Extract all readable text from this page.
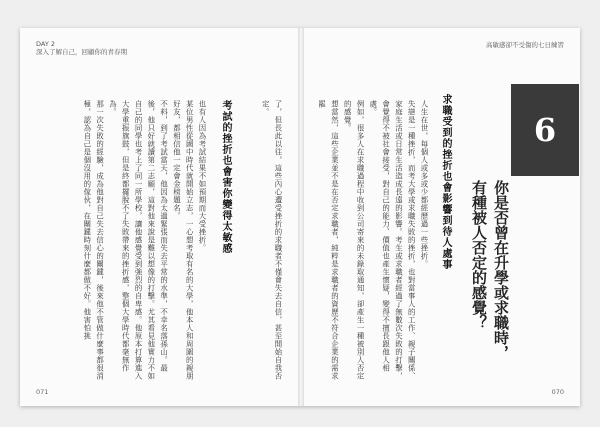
DAY 2
深入了解自己，回顧你的青春期
高敏感卻不受傷的七日練習
6
你是否曾在升學或求職時，
有種被人否定的感覺？
求職受到的挫折也會影響到待人處事

人生在世，每個人或多或少都經歷過一些挫折。

失戀是一種挫折，而考大學或求職失敗的挫折，也對當事人的工作、親子關係、家庭生活或日常生活造成長遠的影響。考生或求職者經過了無數次失敗的打擊，會覺得不被社會接受，對自己的能力、價值也產生懷疑，變得不擅長跟他人相處。

例如，很多人在求職過程中收到公司寄來的未錄取通知，卻產生一種被別人否定的感覺。

想當然，這些企業並不是在否定求職者，純粹是求職者的資歷不符合企業的需求罷

了，但長此以往，這些內心遭受挫折的求職者不僅會失去自信，甚至開始自我否定。

考試的挫折也會害你變得太敏感

也有人因為考試結果不如預期而大受挫折。

某位男性從國中時代就開始立志，一心想考取有名的大學，他本人和周圍的親朋好友，都相信他一定會金榜題名。

不料，到了考試當天，他因為太過緊張而失去平常的水準，不幸名落孫山。最後，他只好就讀第二志願，這對他來說是難以想像的打擊。尤其看見他實力不如自己的同學也考上了同一所學校，讓他感覺受到強烈的自卑感。他原本打算進入大學重振旗鼓，但是終都擺脫不了失敗帶來的挫折感，整個大學時代都毫無作為。

那一次失敗的經驗，成為他對自己失去信心的關鍵，後來他不管做什麼事都很消極，認為自己是個沒用的傢伙，在關鍵時刻什麼都做不好。他害怕挑

071	070
